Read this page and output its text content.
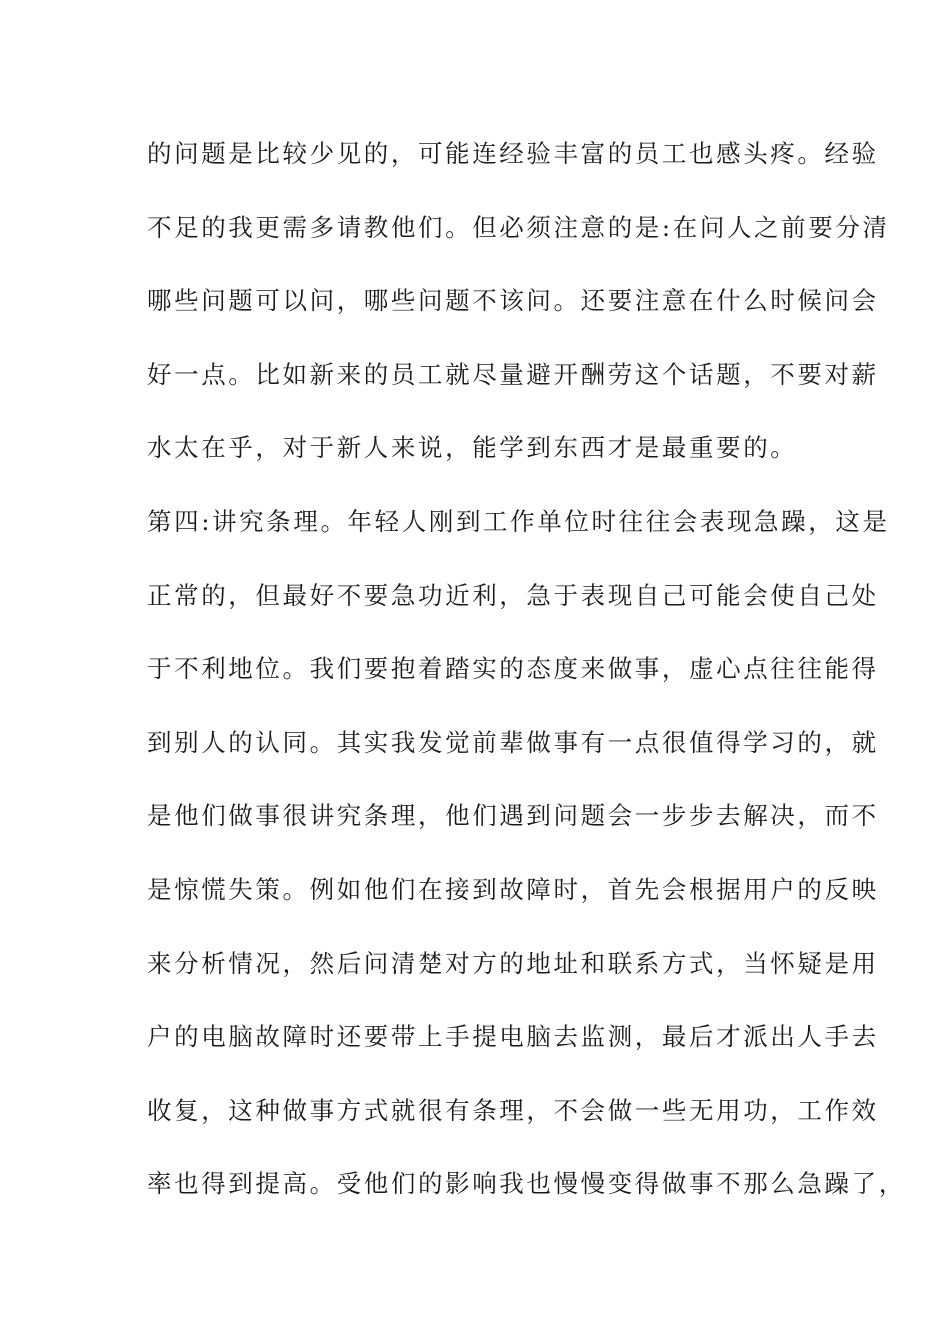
的问题是比较少见的，可能连经验丰富的员工也感头疼。经验
不足的我更需多请教他们。但必须注意的是:在问人之前要分清
哪些问题可以问，哪些问题不该问。还要注意在什么时候问会
好一点。比如新来的员工就尽量避开酬劳这个话题，不要对薪
水太在乎，对于新人来说，能学到东西才是最重要的。
第四:讲究条理。年轻人刚到工作单位时往往会表现急躁，这是
正常的，但最好不要急功近利，急于表现自己可能会使自己处
于不利地位。我们要抱着踏实的态度来做事，虚心点往往能得
到别人的认同。其实我发觉前辈做事有一点很值得学习的，就
是他们做事很讲究条理，他们遇到问题会一步步去解决，而不
是惊慌失策。例如他们在接到故障时，首先会根据用户的反映
来分析情况，然后问清楚对方的地址和联系方式，当怀疑是用
户的电脑故障时还要带上手提电脑去监测，最后才派出人手去
收复，这种做事方式就很有条理，不会做一些无用功，工作效
率也得到提高。受他们的影响我也慢慢变得做事不那么急躁了，
